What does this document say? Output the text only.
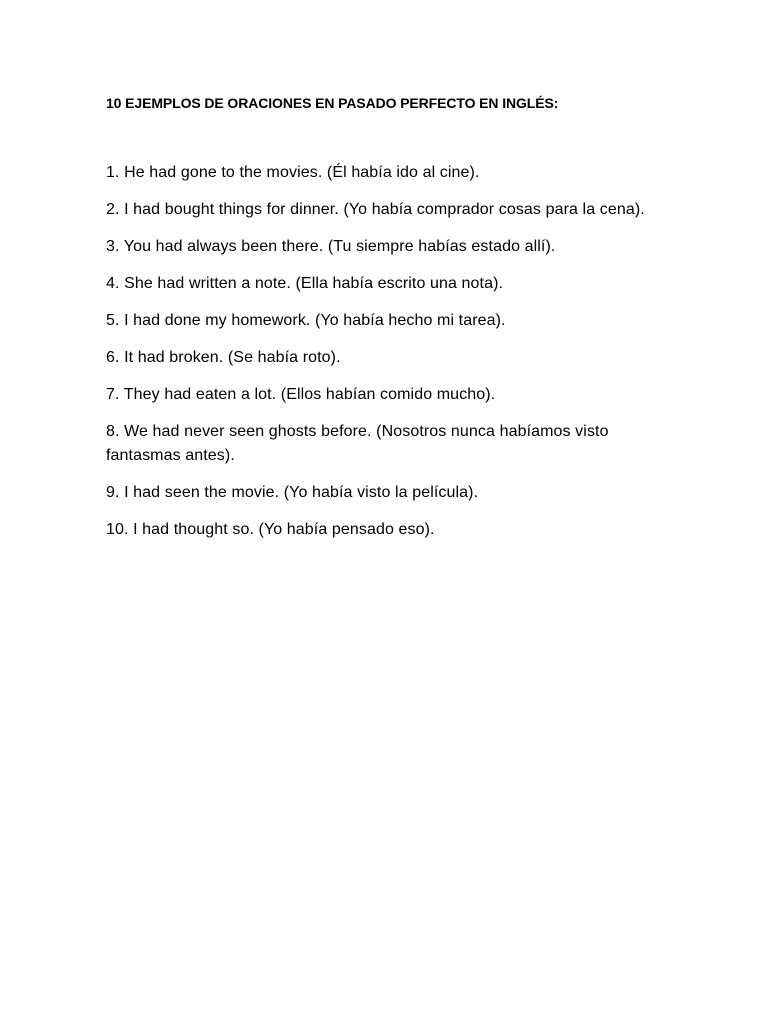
10 EJEMPLOS DE ORACIONES EN PASADO PERFECTO EN INGLÉS:
1. He had gone to the movies. (Él había ido al cine).
2. I had bought things for dinner. (Yo había comprador cosas para la cena).
3. You had always been there. (Tu siempre habías estado allí).
4. She had written a note. (Ella había escrito una nota).
5. I had done my homework. (Yo había hecho mi tarea).
6. It had broken. (Se había roto).
7. They had eaten a lot. (Ellos habían comido mucho).
8. We had never seen ghosts before. (Nosotros nunca habíamos visto fantasmas antes).
9. I had seen the movie. (Yo había visto la película).
10. I had thought so. (Yo había pensado eso).
